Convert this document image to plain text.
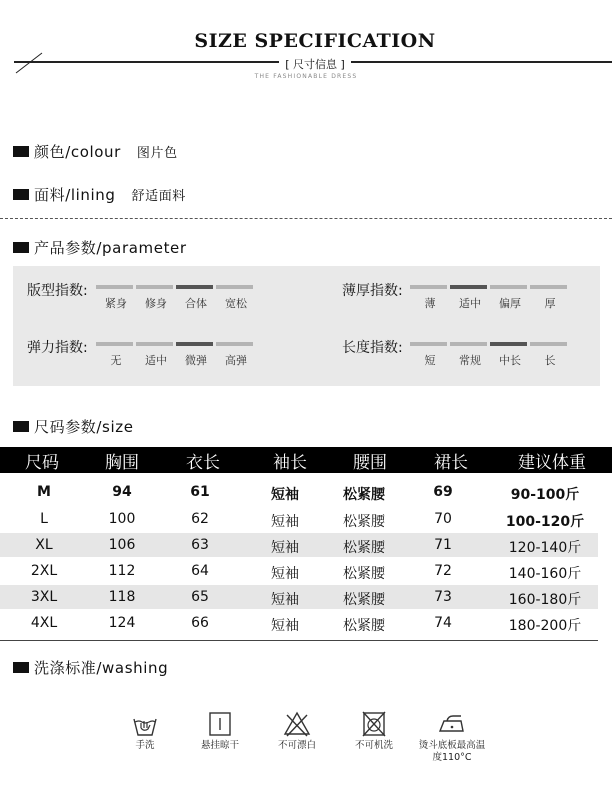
SIZE SPECIFICATION
[ 尺寸信息 ]
THE FASHIONABLE DRESS
颜色/colour 图片色
面料/lining 舒适面料
产品参数/parameter
版型指数:
紧身	修身	合体	宽松
薄厚指数:
薄	适中	偏厚	厚
弹力指数:
无	适中	微弹	高弹
长度指数:
短	常规	中长	长
尺码参数/size
尺码	胸围	衣长	袖长	腰围	裙长	建议体重
M	94	61	短袖	松紧腰	69	90-100斤
L	100	62	短袖	松紧腰	70	100-120斤
XL	106	63	短袖	松紧腰	71	120-140斤
2XL	112	64	短袖	松紧腰	72	140-160斤
3XL	118	65	短袖	松紧腰	73	160-180斤
4XL	124	66	短袖	松紧腰	74	180-200斤
洗涤标准/washing
手洗	悬挂晾干	不可漂白	不可机洗	烫斗底板最高温度110°C
